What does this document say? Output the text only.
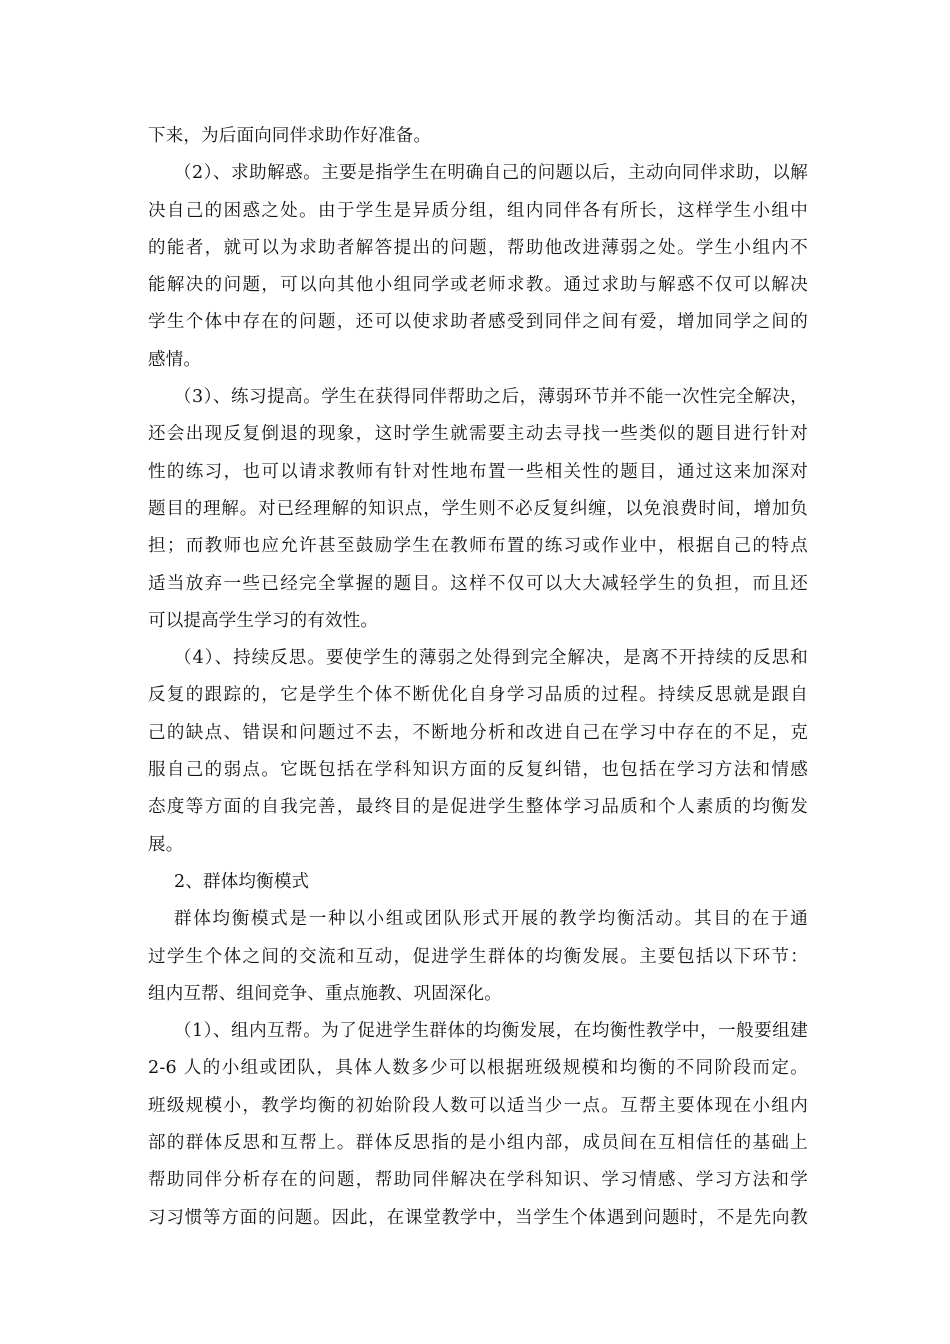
下来，为后面向同伴求助作好准备。
（2）、求助解惑。主要是指学生在明确自己的问题以后，主动向同伴求助，以解
决自己的困惑之处。由于学生是异质分组，组内同伴各有所长，这样学生小组中
的能者，就可以为求助者解答提出的问题，帮助他改进薄弱之处。学生小组内不
能解决的问题，可以向其他小组同学或老师求教。通过求助与解惑不仅可以解决
学生个体中存在的问题，还可以使求助者感受到同伴之间有爱，增加同学之间的
感情。
（3）、练习提高。学生在获得同伴帮助之后，薄弱环节并不能一次性完全解决，
还会出现反复倒退的现象，这时学生就需要主动去寻找一些类似的题目进行针对
性的练习，也可以请求教师有针对性地布置一些相关性的题目，通过这来加深对
题目的理解。对已经理解的知识点，学生则不必反复纠缠，以免浪费时间，增加负
担；而教师也应允许甚至鼓励学生在教师布置的练习或作业中，根据自己的特点
适当放弃一些已经完全掌握的题目。这样不仅可以大大减轻学生的负担，而且还
可以提高学生学习的有效性。
（4）、持续反思。要使学生的薄弱之处得到完全解决，是离不开持续的反思和
反复的跟踪的，它是学生个体不断优化自身学习品质的过程。持续反思就是跟自
己的缺点、错误和问题过不去，不断地分析和改进自己在学习中存在的不足，克
服自己的弱点。它既包括在学科知识方面的反复纠错，也包括在学习方法和情感
态度等方面的自我完善，最终目的是促进学生整体学习品质和个人素质的均衡发
展。
2、群体均衡模式
群体均衡模式是一种以小组或团队形式开展的教学均衡活动。其目的在于通
过学生个体之间的交流和互动，促进学生群体的均衡发展。主要包括以下环节：
组内互帮、组间竞争、重点施教、巩固深化。
（1）、组内互帮。为了促进学生群体的均衡发展，在均衡性教学中，一般要组建
2-6 人的小组或团队，具体人数多少可以根据班级规模和均衡的不同阶段而定。
班级规模小，教学均衡的初始阶段人数可以适当少一点。互帮主要体现在小组内
部的群体反思和互帮上。群体反思指的是小组内部，成员间在互相信任的基础上
帮助同伴分析存在的问题，帮助同伴解决在学科知识、学习情感、学习方法和学
习习惯等方面的问题。因此，在课堂教学中，当学生个体遇到问题时，不是先向教
